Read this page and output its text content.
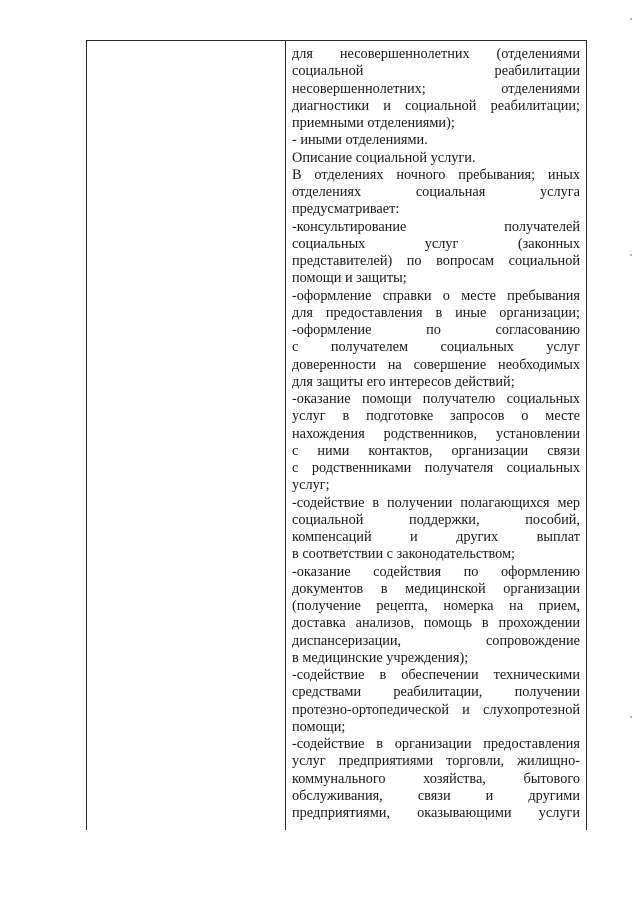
для несовершеннолетних (отделениями
социальной реабилитации
несовершеннолетних; отделениями
диагностики и социальной реабилитации;
приемными отделениями);
- иными отделениями.
Описание социальной услуги.
В отделениях ночного пребывания; иных
отделениях социальная услуга
предусматривает:
-консультирование получателей
социальных услуг (законных
представителей) по вопросам социальной
помощи и защиты;
-оформление справки о месте пребывания
для предоставления в иные организации;
-оформление по согласованию
с получателем социальных услуг
доверенности на совершение необходимых
для защиты его интересов действий;
-оказание помощи получателю социальных
услуг в подготовке запросов о месте
нахождения родственников, установлении
с ними контактов, организации связи
с родственниками получателя социальных
услуг;
-содействие в получении полагающихся мер
социальной поддержки, пособий,
компенсаций и других выплат
в соответствии с законодательством;
-оказание содействия по оформлению
документов в медицинской организации
(получение рецепта, номерка на прием,
доставка анализов, помощь в прохождении
диспансеризации, сопровождение
в медицинские учреждения);
-содействие в обеспечении техническими
средствами реабилитации, получении
протезно-ортопедической и слухопротезной
помощи;
-содействие в организации предоставления
услуг предприятиями торговли, жилищно-
коммунального хозяйства, бытового
обслуживания, связи и другими
предприятиями, оказывающими услуги
